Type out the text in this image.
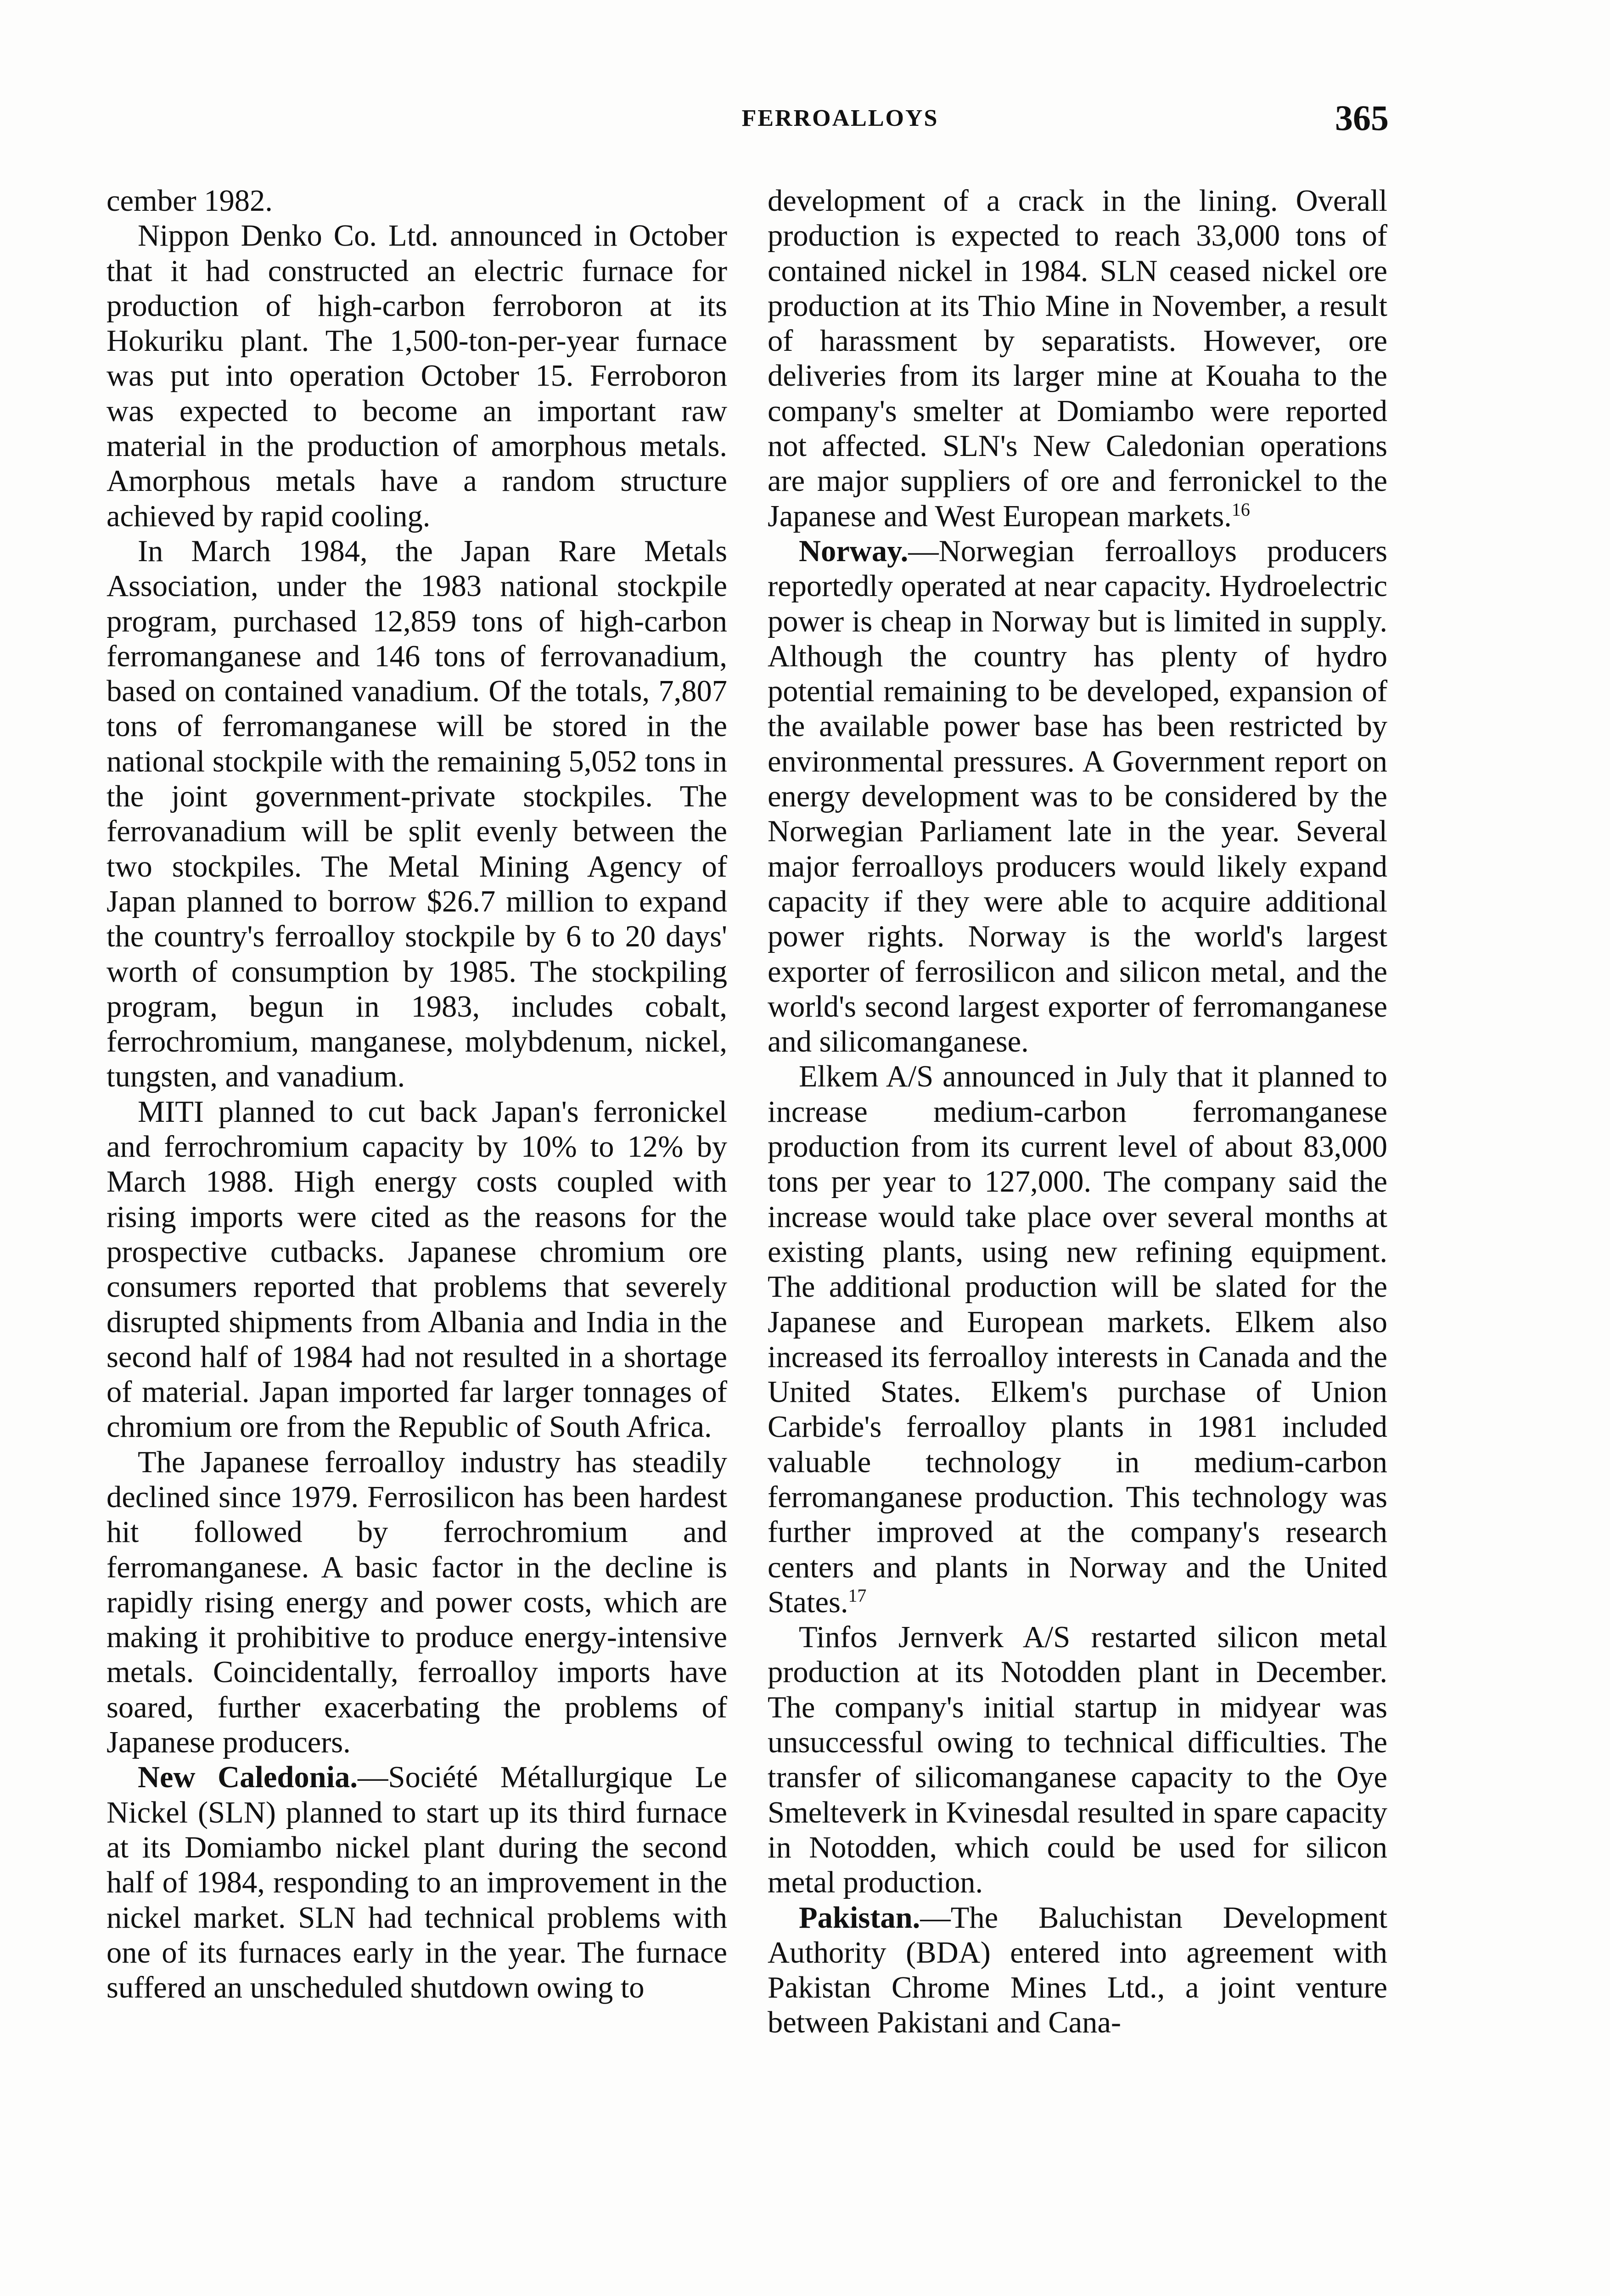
FERROALLOYS	365

cember 1982.

Nippon Denko Co. Ltd. announced in October that it had constructed an electric furnace for production of high-carbon ferroboron at its Hokuriku plant. The 1,500-ton-per-year furnace was put into operation October 15. Ferroboron was expected to become an important raw material in the production of amorphous metals. Amorphous metals have a random structure achieved by rapid cooling.

In March 1984, the Japan Rare Metals Association, under the 1983 national stockpile program, purchased 12,859 tons of high-carbon ferromanganese and 146 tons of ferrovanadium, based on contained vanadium. Of the totals, 7,807 tons of ferromanganese will be stored in the national stockpile with the remaining 5,052 tons in the joint government-private stockpiles. The ferrovanadium will be split evenly between the two stockpiles. The Metal Mining Agency of Japan planned to borrow $26.7 million to expand the country's ferroalloy stockpile by 6 to 20 days' worth of consumption by 1985. The stockpiling program, begun in 1983, includes cobalt, ferrochromium, manganese, molybdenum, nickel, tungsten, and vanadium.

MITI planned to cut back Japan's ferronickel and ferrochromium capacity by 10% to 12% by March 1988. High energy costs coupled with rising imports were cited as the reasons for the prospective cutbacks. Japanese chromium ore consumers reported that problems that severely disrupted shipments from Albania and India in the second half of 1984 had not resulted in a shortage of material. Japan imported far larger tonnages of chromium ore from the Republic of South Africa.

The Japanese ferroalloy industry has steadily declined since 1979. Ferrosilicon has been hardest hit followed by ferrochromium and ferromanganese. A basic factor in the decline is rapidly rising energy and power costs, which are making it prohibitive to produce energy-intensive metals. Coincidentally, ferroalloy imports have soared, further exacerbating the problems of Japanese producers.

New Caledonia.—Société Métallurgique Le Nickel (SLN) planned to start up its third furnace at its Domiambo nickel plant during the second half of 1984, responding to an improvement in the nickel market. SLN had technical problems with one of its furnaces early in the year. The furnace suffered an unscheduled shutdown owing to

development of a crack in the lining. Overall production is expected to reach 33,000 tons of contained nickel in 1984. SLN ceased nickel ore production at its Thio Mine in November, a result of harassment by separatists. However, ore deliveries from its larger mine at Kouaha to the company's smelter at Domiambo were reported not affected. SLN's New Caledonian operations are major suppliers of ore and ferronickel to the Japanese and West European markets.$^{16}$

Norway.—Norwegian ferroalloys producers reportedly operated at near capacity. Hydroelectric power is cheap in Norway but is limited in supply. Although the country has plenty of hydro potential remaining to be developed, expansion of the available power base has been restricted by environmental pressures. A Government report on energy development was to be considered by the Norwegian Parliament late in the year. Several major ferroalloys producers would likely expand capacity if they were able to acquire additional power rights. Norway is the world's largest exporter of ferrosilicon and silicon metal, and the world's second largest exporter of ferromanganese and silicomanganese.

Elkem A/S announced in July that it planned to increase medium-carbon ferromanganese production from its current level of about 83,000 tons per year to 127,000. The company said the increase would take place over several months at existing plants, using new refining equipment. The additional production will be slated for the Japanese and European markets. Elkem also increased its ferroalloy interests in Canada and the United States. Elkem's purchase of Union Carbide's ferroalloy plants in 1981 included valuable technology in medium-carbon ferromanganese production. This technology was further improved at the company's research centers and plants in Norway and the United States.$^{17}$

Tinfos Jernverk A/S restarted silicon metal production at its Notodden plant in December. The company's initial startup in midyear was unsuccessful owing to technical difficulties. The transfer of silicomanganese capacity to the Oye Smelteverk in Kvinesdal resulted in spare capacity in Notodden, which could be used for silicon metal production.

Pakistan.—The Baluchistan Development Authority (BDA) entered into agreement with Pakistan Chrome Mines Ltd., a joint venture between Pakistani and Cana-
